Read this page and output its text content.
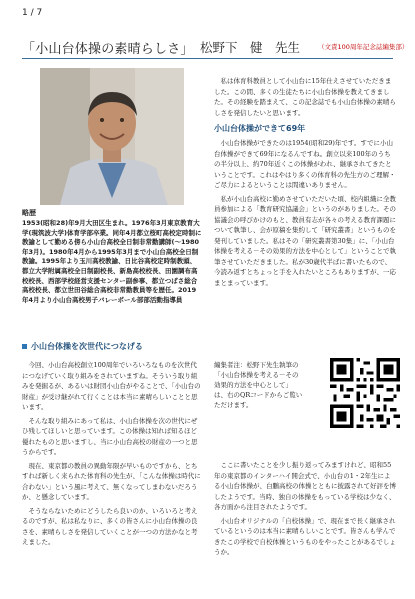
1 / 7
「小山台体操の素晴らしさ」 松野下　健　先生	（文責100周年記念誌編集部）
略歴
1953(昭和28)年9月大田区生まれ。1976年3月東京教育大学(現筑波大学)体育学部卒業。同年4月都立桜町高校定時制に教諭として勤める傍ら小山台高校全日制非常勤講師(～1980年3月)。1980年4月から1995年3月まで小山台高校全日制教諭。1995年より玉川高校教諭、日比谷高校定時制教頭、都立大学附属高校全日制副校長、新島高校校長、田園調布高校校長、西部学校経営支援センター副参事、都立つばさ総合高校校長、都立世田谷総合高校非常勤教員等を歴任。2019年4月より小山台高校男子バレーボール部部活動指導員

私は体育科教員として小山台に15年仕えさせていただきました。この間、多くの生徒たちに小山台体操を教えてきました。その経験を踏まえて、この記念誌でも小山台体操の素晴らしさを発信したいと思います。

小山台体操ができて69年

小山台体操ができたのは1954(昭和29)年です。すでに小山台体操ができて69年になるんですね。創立以来100年のうちの半分以上、約70年近くこの体操がわれ、継承されてきたということです。これはやはり多くの体育科の先生方のご理解・ご尽力によるということは間違いありません。

私が小山台高校に勤めさせていただいた頃、校内組織に全教員参加による「教育研究協議会」というのがありました。その協議会の呼びかけのもと、教員有志が各々の考える教育課題について執筆し、会が原稿を集約して「研究叢書」というものを発刊していました。私はその「研究叢書第30集」に、「小山台体操を考える－その効果的方法を中心として」ということで執筆させていただきました。私が30歳代半ばに書いたもので、今読み返すとちょっと手を入れたいところもありますが、一応まとまっています。

編集者注：松野下先生執筆の「小山台体操を考える－その効果的方法を中心として」は、右のQRコードからご覧いただけます。

ここに書いたことを少し振り返ってみますけれど、昭和55年の東京都のインターハイ開会式で、小山台の1・2年生による小山台体操が、白鵬高校の体操とともに披露されて好評を博したようです。当時、独自の体操をもっている学校は少なく、各方面から注目されたようです。

小山台オリジナルの「自校体操」で、現在まで長く継承されているというのは本当に素晴らしいことです。皆さんも学んできたこの学校で自校体操というものをやったことがあるでしょうか。

小山台体操を次世代につなげる

今回、小山台高校創立100周年でいろいろなものを次世代につなげていく取り組みをされていますね。そういう取り組みを発掘るが、あるいは財団小山台がやることで、「小山台の財産」が受け継がれて行くことは本当に素晴らしいことと思います。

そんな取り組みにあって私は、小山台体操を次の世代にぜひ残してほしいと思っています。この体操は知れば知るほど優れたものと思いますし、当に小山台高校の財産の一つと思うからです。

現在、東京都の教員の異動年限が早いものですから、とちすれば新しく来られた体育科の先生が、「こんな体操は時代に合わない」という風に考えて、無くなってしまわないだろうか、と懸念しています。

そうならないためにどうしたら良いのか、いろいろと考えるのですが、私は私なりに、多くの皆さんに小山台体操の良さを、素晴らしさを発信していくことが一つの方法かなと考えました。
